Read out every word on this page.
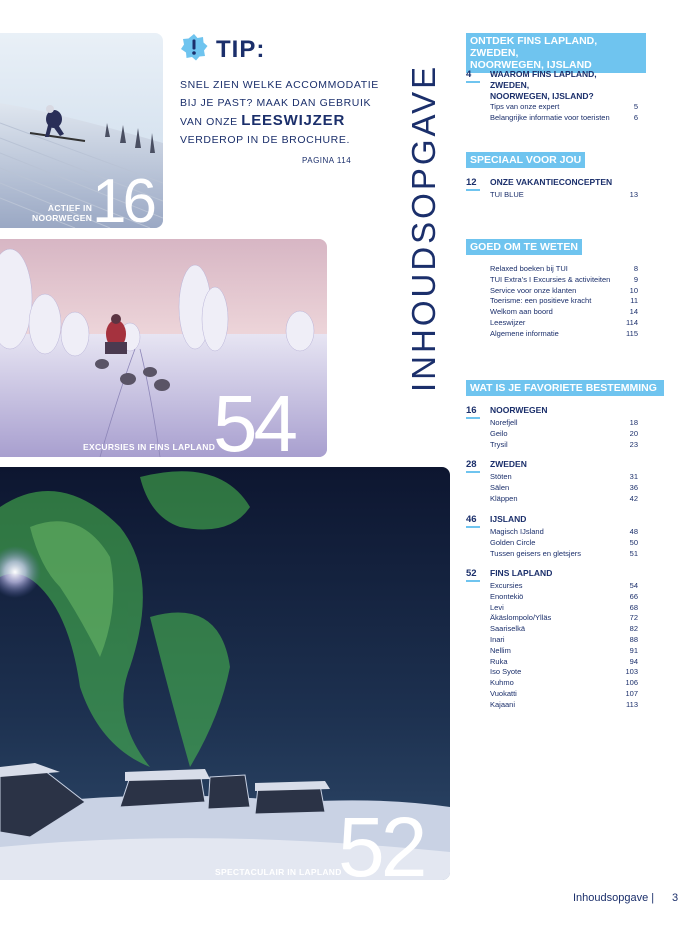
ACTIEF IN
NOORWEGEN 16
TIP:
SNEL ZIEN WELKE ACCOMMODATIE
BIJ JE PAST? MAAK DAN GEBRUIK
VAN ONZE LEESWIJZER
VERDEROP IN DE BROCHURE.
PAGINA 114
EXCURSIES IN FINS LAPLAND
54
SPECTACULAIR IN LAPLAND
52
INHOUDSOPGAVE
ONTDEK FINS LAPLAND, ZWEDEN,
NOORWEGEN, IJSLAND
4	WAAROM FINS LAPLAND, ZWEDEN,
NOORWEGEN, IJSLAND?
Tips van onze expert	5
Belangrijke informatie voor toeristen	6
SPECIAAL VOOR JOU
12	ONZE VAKANTIECONCEPTEN
TUI BLUE	13
GOED OM TE WETEN
Relaxed boeken bij TUI	8
TUI Extra’s I Excursies & activiteiten	9
Service voor onze klanten	10
Toerisme: een positieve kracht	11
Welkom aan boord	14
Leeswijzer	114
Algemene informatie	115
WAT IS JE FAVORIETE BESTEMMING
16	NOORWEGEN
Norefjell	18
Geilo	20
Trysil	23
28	ZWEDEN
Stöten	31
Sälen	36
Kläppen	42
46	IJSLAND
Magisch IJsland	48
Golden Circle	50
Tussen geisers en gletsjers	51
52	FINS LAPLAND
Excursies	54
Enontekiö	66
Levi	68
Äkäslompolo/Ylläs	72
Saariselkä	82
Inari	88
Nellim	91
Ruka	94
Iso Syote	103
Kuhmo	106
Vuokatti	107
Kajaani	113
Inhoudsopgave | 3
